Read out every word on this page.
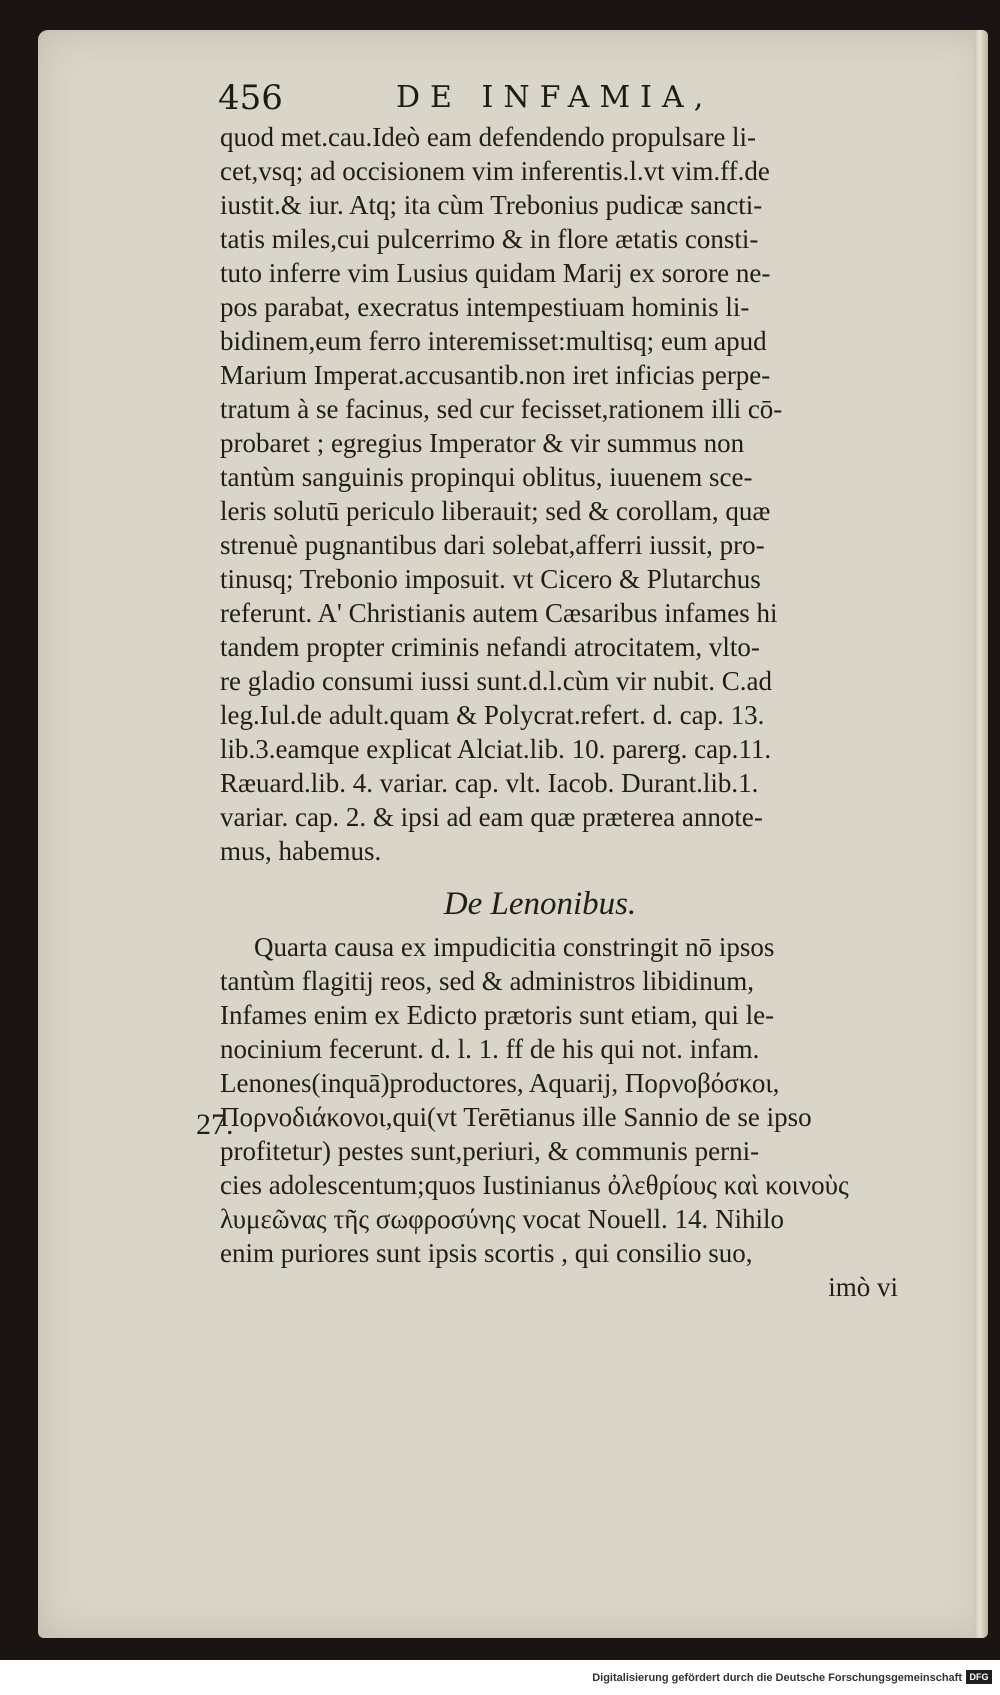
456	DE INFAMIA,
27.
quod met.cau.Ideò eam defendendo propulsare li-
cet,vsq; ad occisionem vim inferentis.l.vt vim.ff.de
iustit.& iur. Atq; ita cùm Trebonius pudicæ sancti-
tatis miles,cui pulcerrimo & in flore ætatis consti-
tuto inferre vim Lusius quidam Marij ex sorore ne-
pos parabat, execratus intempestiuam hominis li-
bidinem,eum ferro interemisset:multisq; eum apud
Marium Imperat.accusantib.non iret inficias perpe-
tratum à se facinus, sed cur fecisset,rationem illi cō-
probaret ; egregius Imperator & vir summus non
tantùm sanguinis propinqui oblitus, iuuenem sce-
leris solutū periculo liberauit; sed & corollam, quæ
strenuè pugnantibus dari solebat,afferri iussit, pro-
tinusq; Trebonio imposuit. vt Cicero & Plutarchus
referunt. A' Christianis autem Cæsaribus infames hi
tandem propter criminis nefandi atrocitatem, vlto-
re gladio consumi iussi sunt.d.l.cùm vir nubit. C.ad
leg.Iul.de adult.quam & Polycrat.refert. d. cap. 13.
lib.3.eamque explicat Alciat.lib. 10. parerg. cap.11.
Ræuard.lib. 4. variar. cap. vlt. Iacob. Durant.lib.1.
variar. cap. 2. & ipsi ad eam quæ præterea annote-
mus, habemus.
De Lenonibus.
Quarta causa ex impudicitia constringit nō ipsos
tantùm flagitij reos, sed & administros libidinum,
Infames enim ex Edicto prætoris sunt etiam, qui le-
nocinium fecerunt. d. l. 1. ff de his qui not. infam.
Lenones(inquā)productores, Aquarij, Πορνοβόσκοι,
Πορνοδιάκονοι,qui(vt Terētianus ille Sannio de se ipso
profitetur) pestes sunt,periuri, & communis perni-
cies adolescentum;quos Iustinianus ὀλεθρίους καὶ κοινοὺς
λυμεῶνας τῆς σωφροσύνης vocat Nouell. 14. Nihilo
enim puriores sunt ipsis scortis , qui consilio suo,
imò vi
Digitalisierung gefördert durch die Deutsche Forschungsgemeinschaft DFG
